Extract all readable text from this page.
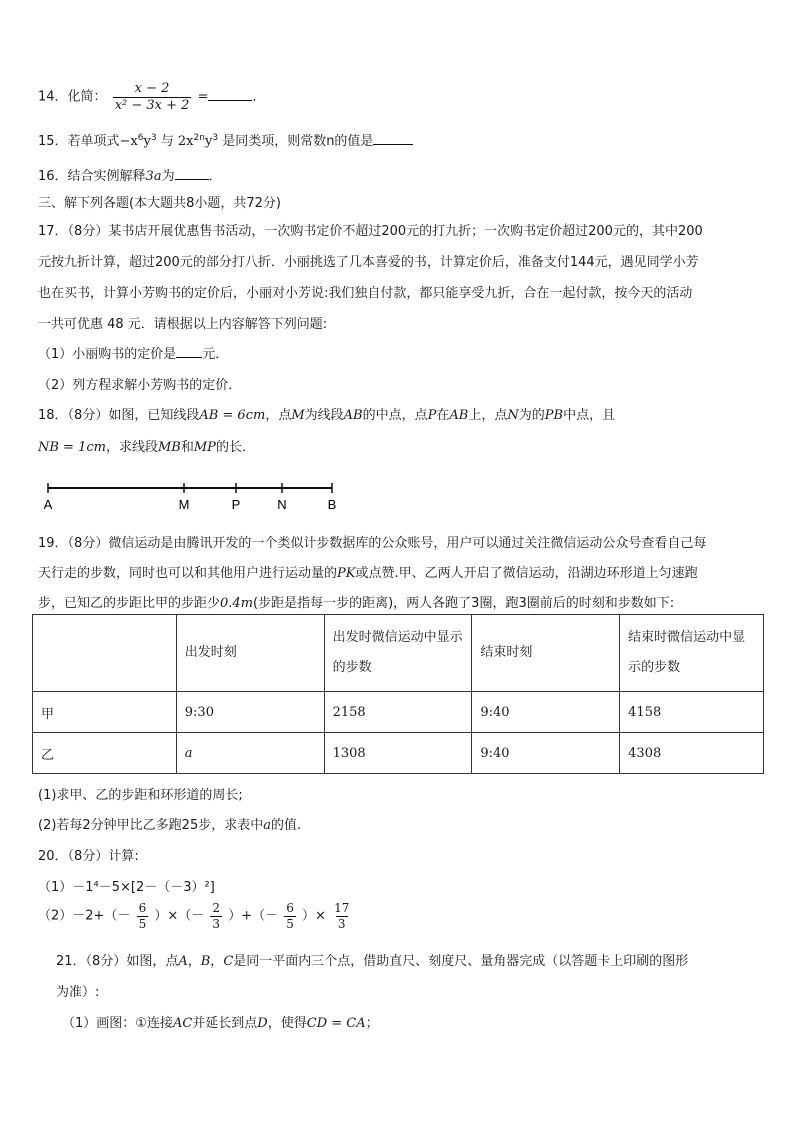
14．化简： $\frac{x - 2}{\text{x² − 3x + 2}}$ =	．
15．若单项式$-x^6y^3$ 与 $2x^{2n}y^3$ 是同类项，则常数n的值是
16．结合实例解释3a为	．
三、解下列各题(本大题共8小题，共72分)
17．（8分）某书店开展优惠售书活动，一次购书定价不超过200元的打九折；一次购书定价超过200元的，其中200
元按九折计算，超过200元的部分打八折．小丽挑选了几本喜爱的书，计算定价后，准备支付144元，遇见同学小芳
也在买书，计算小芳购书的定价后，小丽对小芳说:我们独自付款，都只能享受九折，合在一起付款，按今天的活动
一共可优惠 48 元．请根据以上内容解答下列问题:
（1）小丽购书的定价是 元．
（2）列方程求解小芳购书的定价．
18．（8分）如图，已知线段AB = 6cm，点M为线段AB的中点，点P在AB上，点N为的PB中点，且
NB = 1cm，求线段MB和MP的长．
A	M	P	N	B
19．（8分）微信运动是由腾讯开发的一个类似计步数据库的公众账号，用户可以通过关注微信运动公众号查看自己每
天行走的步数，同时也可以和其他用户进行运动量的PK或点赞.甲、乙两人开启了微信运动，沿湖边环形道上匀速跑
步，已知乙的步距比甲的步距少0.4m(步距是指每一步的距离)，两人各跑了3圈，跑3圈前后的时刻和步数如下:
	出发时刻	出发时微信运动中显示的步数	结束时刻	结束时微信运动中显示的步数
甲	9:30	2158	9:40	4158
乙	a	1308	9:40	4308
(1)求甲、乙的步距和环形道的周长;
(2)若每2分钟甲比乙多跑25步，求表中a的值.
20．（8分）计算:
（1）－1⁴－5×[2－（－3）²]
$(2)-2+(- \frac{6}{5}$ ）×（－ $\frac{2}{3}$ ）+（－ $\frac{6}{5}$ ）× $\frac{17}{3}$
21．（8分）如图，点A，B，C是同一平面内三个点，借助直尺、刻度尺、量角器完成（以答题卡上印刷的图形
为准）:
（1）画图：①连接AC并延长到点D，使得CD = CA；
